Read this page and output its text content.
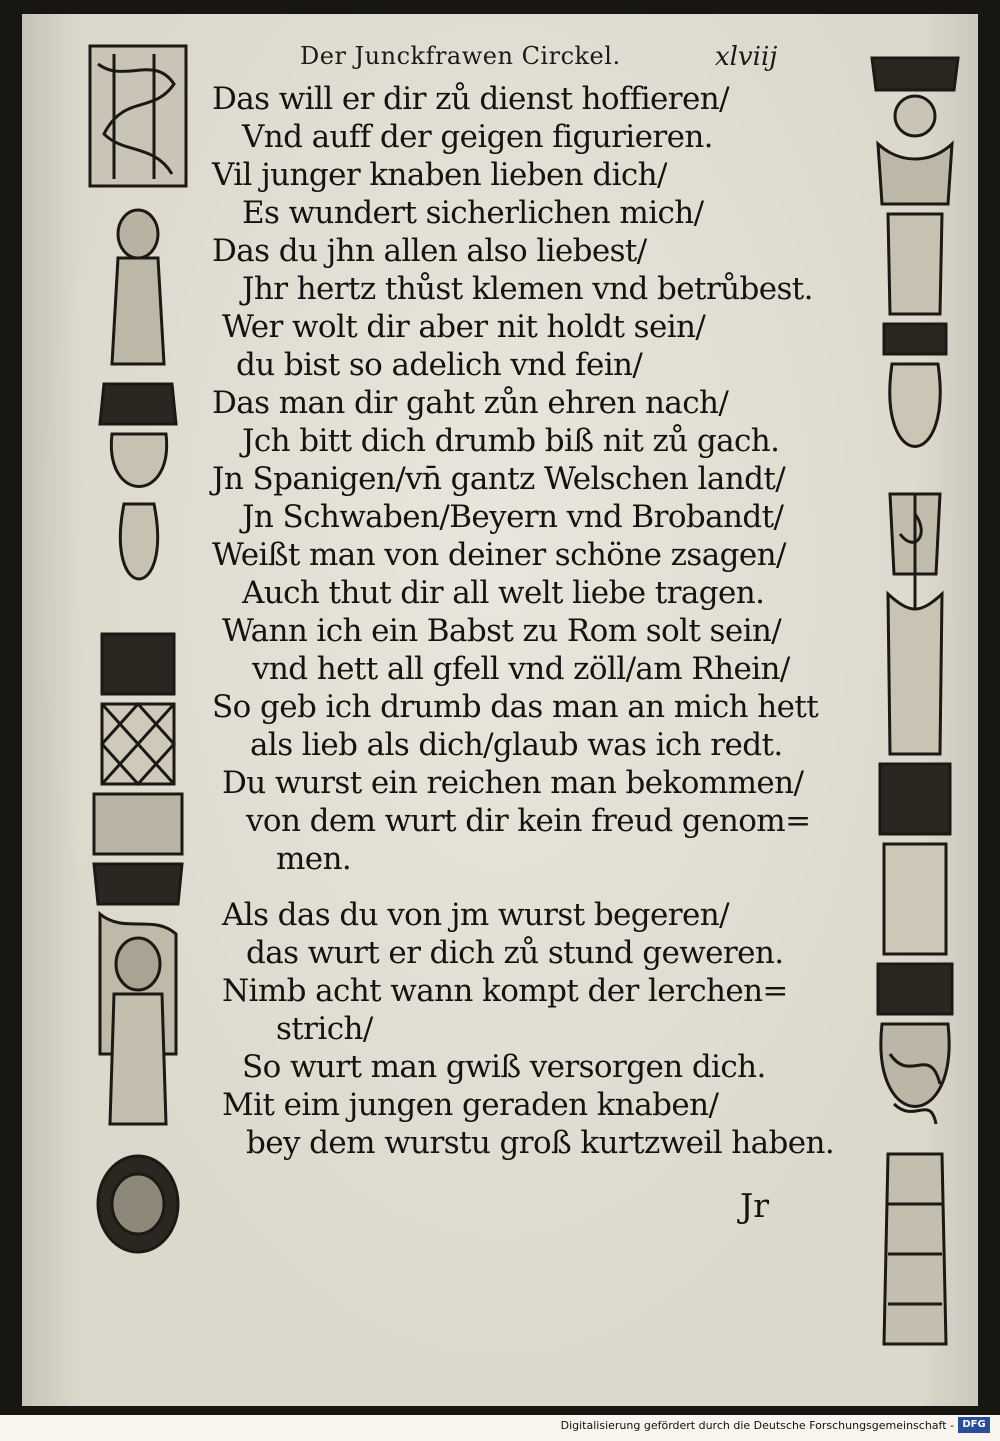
Der Junckfrawen Circkel.	xlviij
Das will er dir zů dienst hoffieren/
Vnd auff der geigen figurieren.
Vil junger knaben lieben dich/
Es wundert sicherlichen mich/
Das du jhn allen also liebest/
Jhr hertz thůst klemen vnd betrůbest.
Wer wolt dir aber nit holdt sein/
du bist so adelich vnd fein/
Das man dir gaht zůn ehren nach/
Jch bitt dich drumb biß nit zů gach.
Jn Spanigen/vn̄ gantz Welschen landt/
Jn Schwaben/Beyern vnd Brobandt/
Weißt man von deiner schöne zsagen/
Auch thut dir all welt liebe tragen.
Wann ich ein Babst zu Rom solt sein/
vnd hett all gfell vnd zöll/am Rhein/
So geb ich drumb das man an mich hett
als lieb als dich/glaub was ich redt.
Du wurst ein reichen man bekommen/
von dem wurt dir kein freud genom=
men.
Als das du von jm wurst begeren/
das wurt er dich zů stund geweren.
Nimb acht wann kompt der lerchen=
strich/
So wurt man gwiß versorgen dich.
Mit eim jungen geraden knaben/
bey dem wurstu groß kurtzweil haben.
Jr
Digitalisierung gefördert durch die Deutsche Forschungsgemeinschaft - DFG
